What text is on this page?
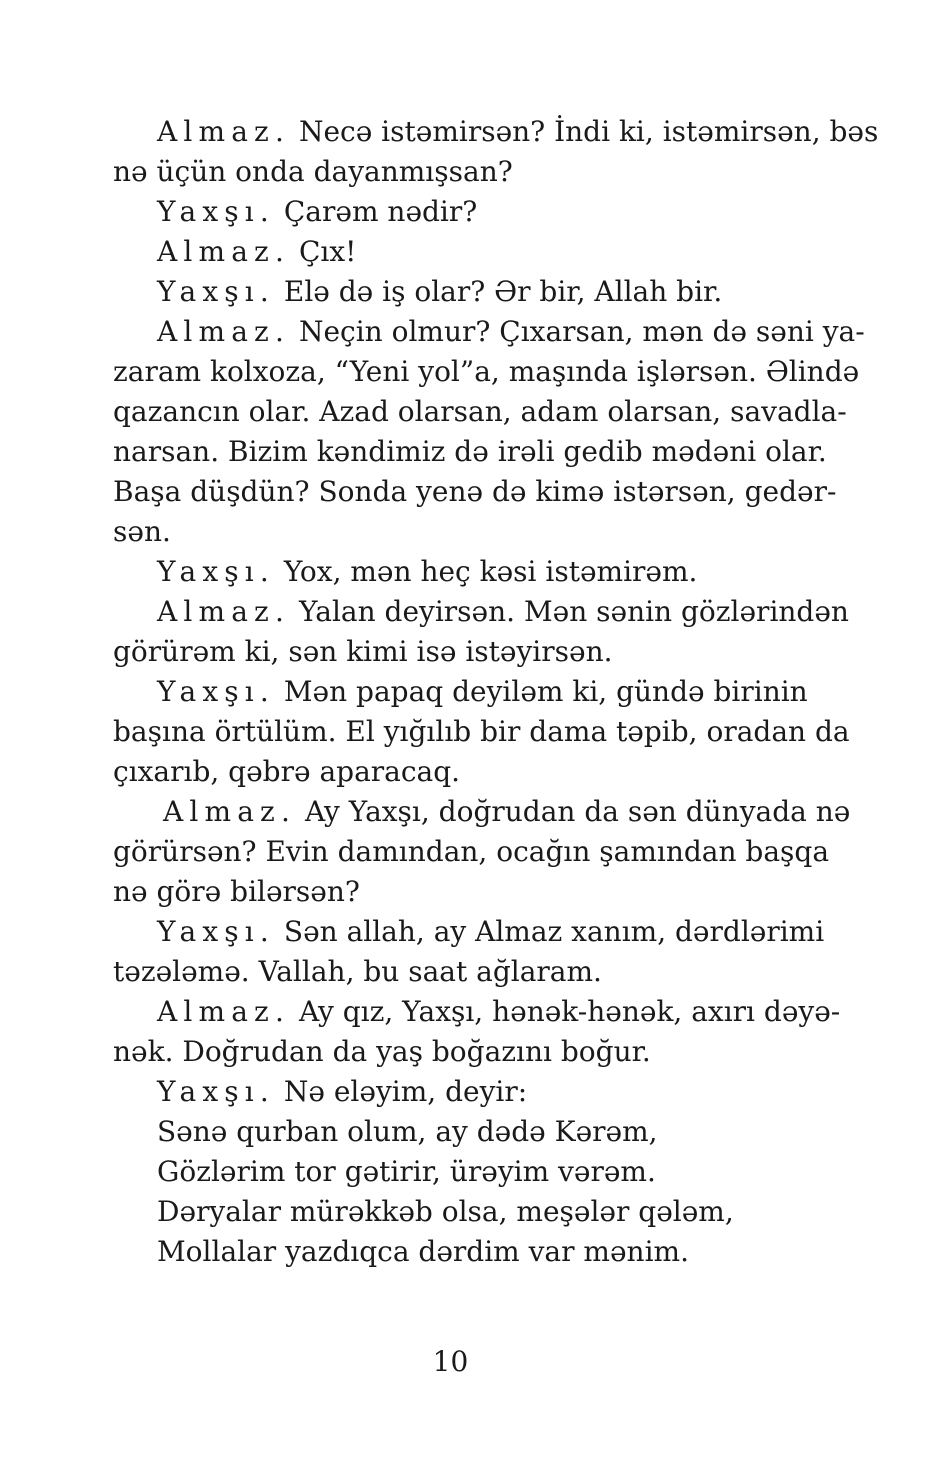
Almaz. Necə istəmirsən? İndi ki, istəmirsən, bəs
nə üçün onda dayanmışsan?
Yaxşı. Çarəm nədir?
Almaz. Çıx!
Yaxşı. Elə də iş olar? Ər bir, Allah bir.
Almaz. Neçin olmur? Çıxarsan, mən də səni ya-
zaram kolxoza, “Yeni yol”a, maşında işlərsən. Əlində
qazancın olar. Azad olarsan, adam olarsan, savadla-
narsan. Bizim kəndimiz də irəli gedib mədəni olar.
Başa düşdün? Sonda yenə də kimə istərsən, gedər-
sən.
Yaxşı. Yox, mən heç kəsi istəmirəm.
Almaz. Yalan deyirsən. Mən sənin gözlərindən
görürəm ki, sən kimi isə istəyirsən.
Yaxşı. Mən papaq deyiləm ki, gündə birinin
başına örtülüm. El yığılıb bir dama təpib, oradan da
çıxarıb, qəbrə aparacaq.
Almaz. Ay Yaxşı, doğrudan da sən dünyada nə
görürsən? Evin damından, ocağın şamından başqa
nə görə bilərsən?
Yaxşı. Sən allah, ay Almaz xanım, dərdlərimi
təzələmə. Vallah, bu saat ağlaram.
Almaz. Ay qız, Yaxşı, hənək-hənək, axırı dəyə-
nək. Doğrudan da yaş boğazını boğur.
Yaxşı. Nə eləyim, deyir:
Sənə qurban olum, ay dədə Kərəm,
Gözlərim tor gətirir, ürəyim vərəm.
Dəryalar mürəkkəb olsa, meşələr qələm,
Mollalar yazdıqca dərdim var mənim.
10
